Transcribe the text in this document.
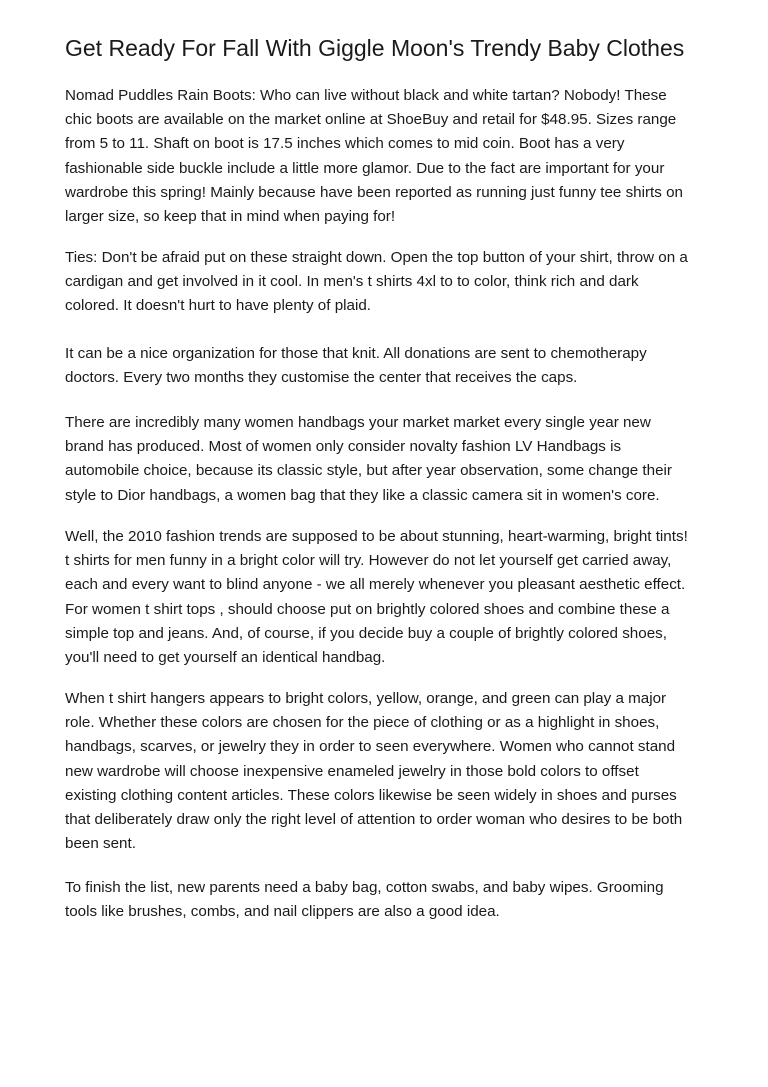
Get Ready For Fall With Giggle Moon's Trendy Baby Clothes

Nomad Puddles Rain Boots: Who can live without black and white tartan? Nobody! These
chic boots are available on the market online at ShoeBuy and retail for $48.95. Sizes range
from 5 to 11. Shaft on boot is 17.5 inches which comes to mid coin. Boot has a very
fashionable side buckle include a little more glamor. Due to the fact are important for your
wardrobe this spring! Mainly because have been reported as running just funny tee shirts on
larger size, so keep that in mind when paying for!

Ties: Don't be afraid put on these straight down. Open the top button of your shirt, throw on a
cardigan and get involved in it cool. In men's t shirts 4xl to to color, think rich and dark
colored. It doesn't hurt to have plenty of plaid.

It can be a nice organization for those that knit. All donations are sent to chemotherapy
doctors. Every two months they customise the center that receives the caps.

There are incredibly many women handbags your market market every single year new
brand has produced. Most of women only consider novalty fashion LV Handbags is
automobile choice, because its classic style, but after year observation, some change their
style to Dior handbags, a women bag that they like a classic camera sit in women's core.

Well, the 2010 fashion trends are supposed to be about stunning, heart-warming, bright tints!
t shirts for men funny in a bright color will try. However do not let yourself get carried away,
each and every want to blind anyone - we all merely whenever you pleasant aesthetic effect.
For women t shirt tops , should choose put on brightly colored shoes and combine these a
simple top and jeans. And, of course, if you decide buy a couple of brightly colored shoes,
you'll need to get yourself an identical handbag.

When t shirt hangers appears to bright colors, yellow, orange, and green can play a major
role. Whether these colors are chosen for the piece of clothing or as a highlight in shoes,
handbags, scarves, or jewelry they in order to seen everywhere. Women who cannot stand
new wardrobe will choose inexpensive enameled jewelry in those bold colors to offset
existing clothing content articles. These colors likewise be seen widely in shoes and purses
that deliberately draw only the right level of attention to order woman who desires to be both
been sent.

To finish the list, new parents need a baby bag, cotton swabs, and baby wipes. Grooming
tools like brushes, combs, and nail clippers are also a good idea.
